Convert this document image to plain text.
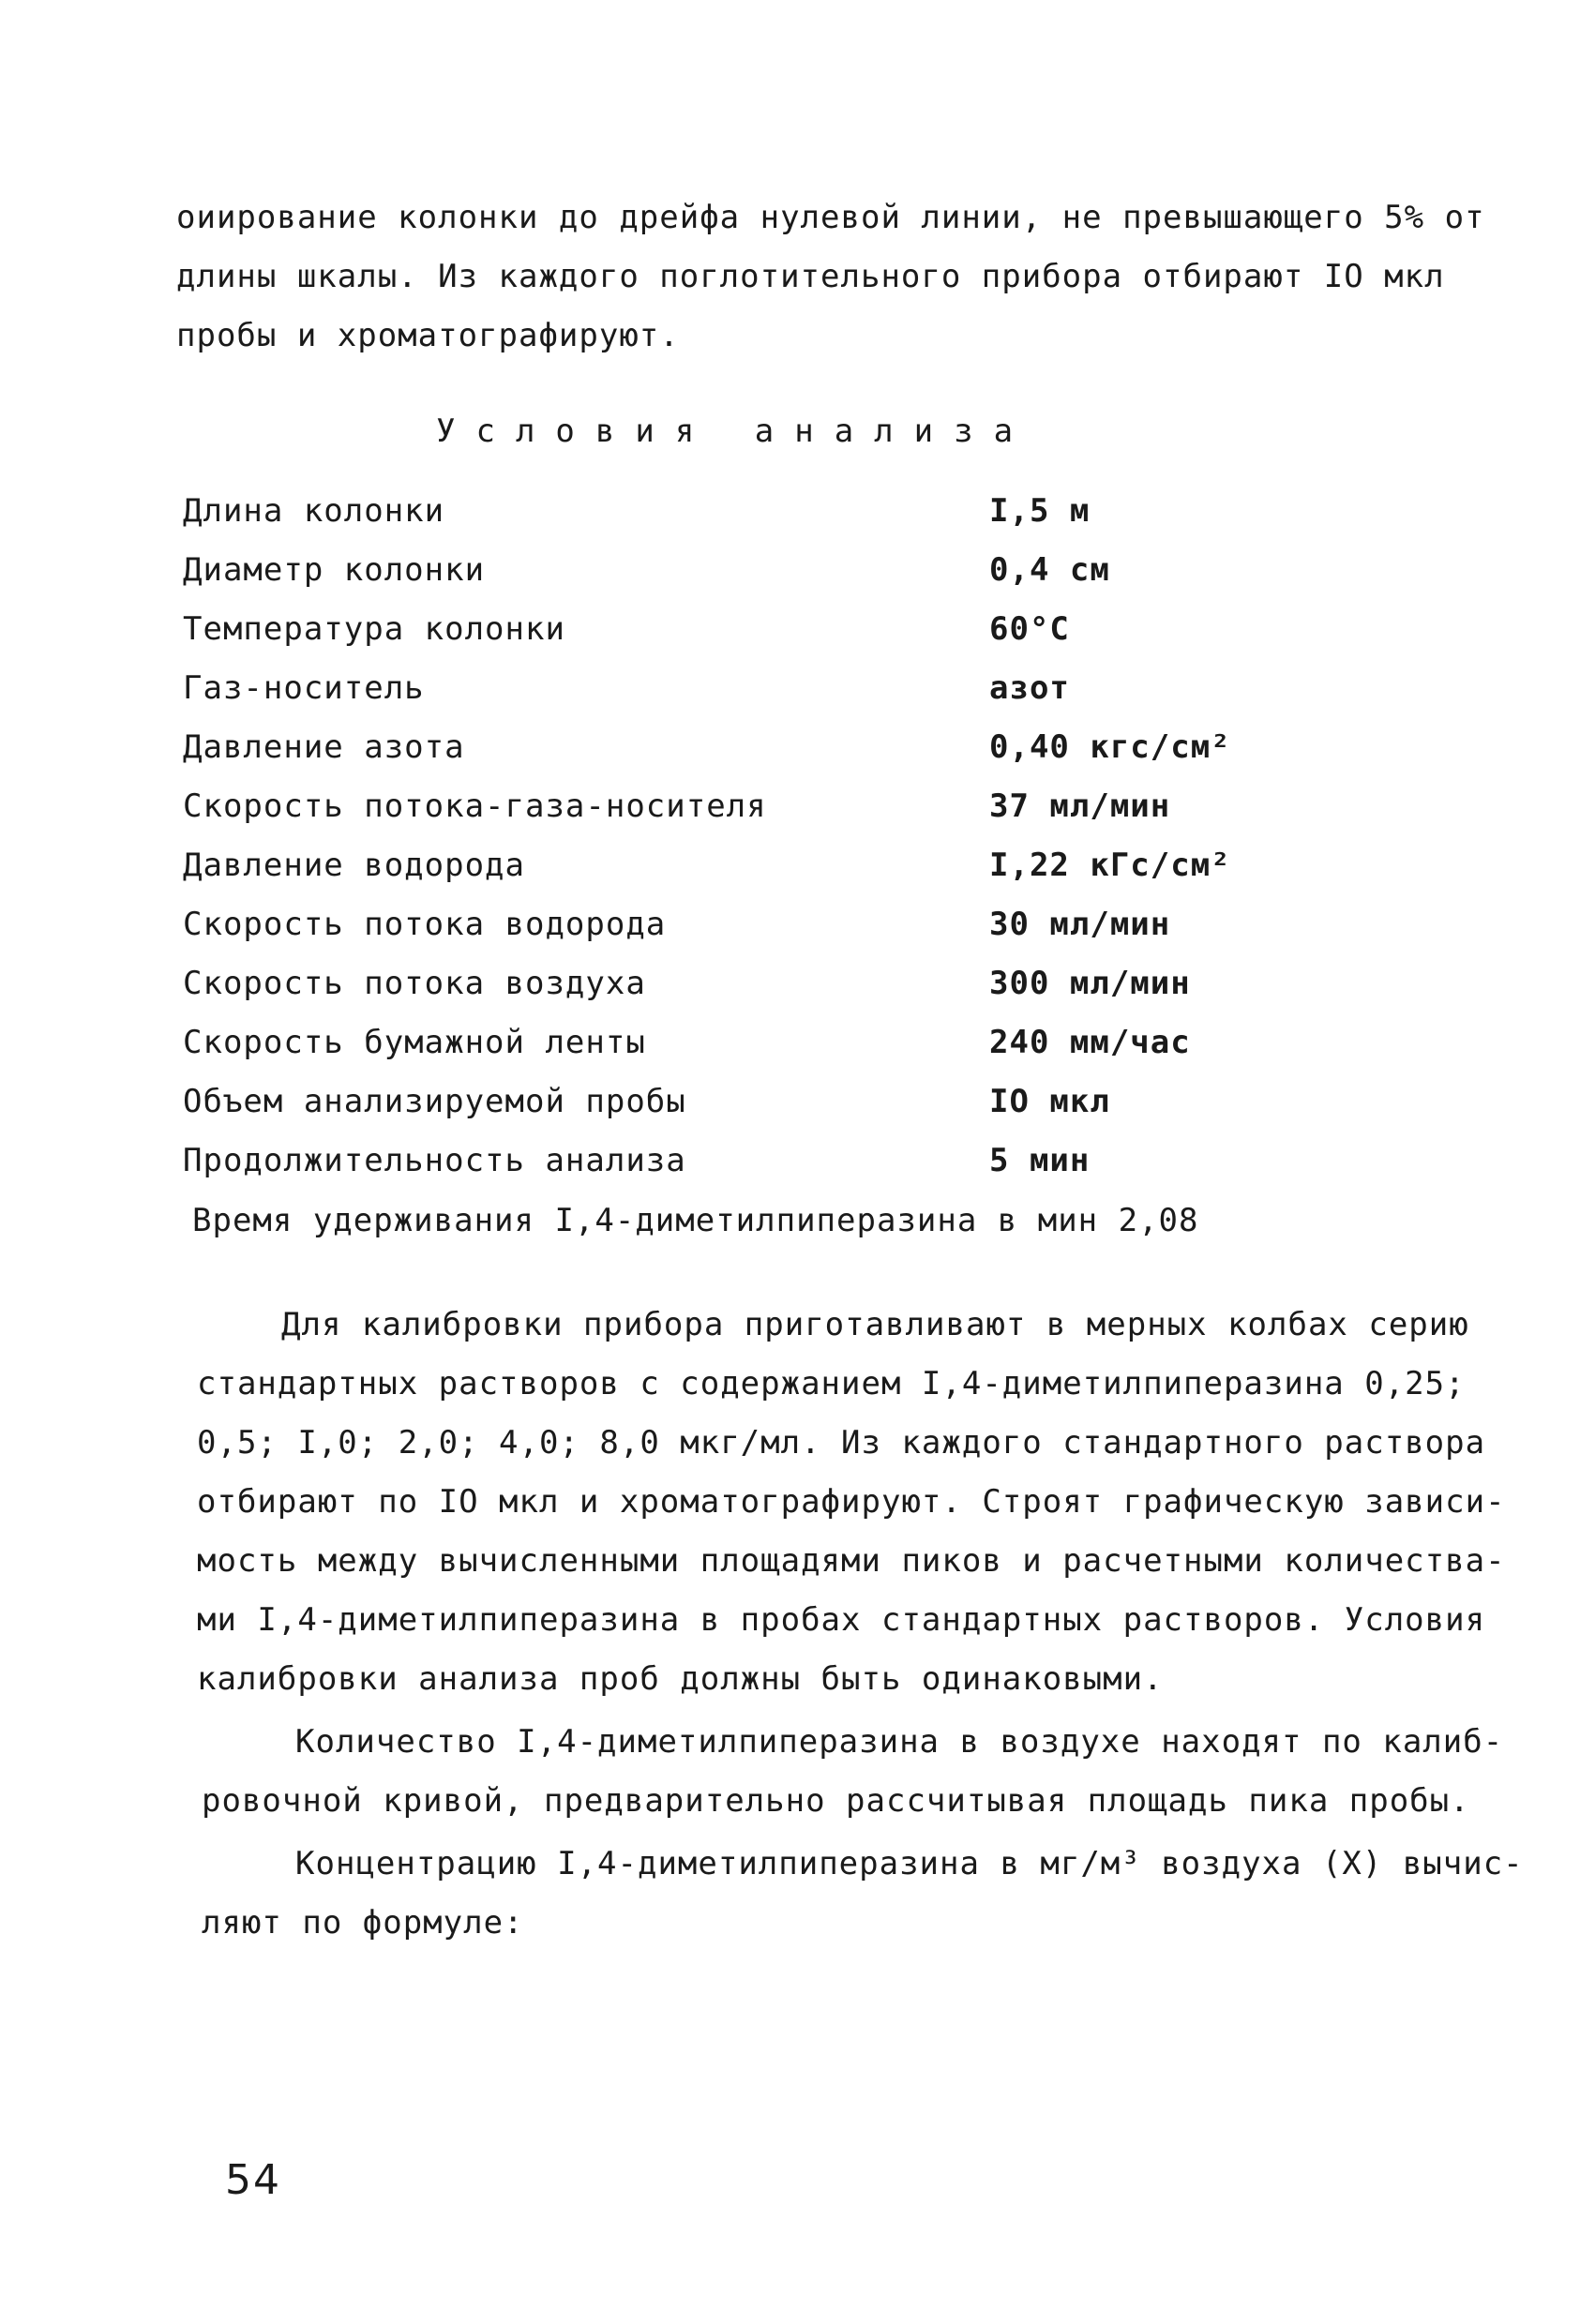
оиирование колонки до дрейфа нулевой линии, не превышающего 5% от
длины шкалы. Из каждого поглотительного прибора отбирают IO мкл
пробы и хроматографируют.
Условия анализа
Длина колонки	I,5 м
Диаметр колонки	0,4 см
Температура колонки	60°C
Газ-носитель	азот
Давление азота	0,40 кгс/см²
Скорость потока-газа-носителя	37 мл/мин
Давление водорода	I,22 кГс/см²
Скорость потока водорода	30 мл/мин
Скорость потока воздуха	300 мл/мин
Скорость бумажной ленты	240 мм/час
Объем анализируемой пробы	IO мкл
Продолжительность анализа	5 мин
Время удерживания I,4-диметилпиперазина в мин 2,08
Для калибровки прибора приготавливают в мерных колбах серию
стандартных растворов с содержанием I,4-диметилпиперазина 0,25;
0,5; I,0; 2,0; 4,0; 8,0 мкг/мл. Из каждого стандартного раствора
отбирают по IO мкл и хроматографируют. Строят графическую зависи-
мость между вычисленными площадями пиков и расчетными количества-
ми I,4-диметилпиперазина в пробах стандартных растворов. Условия
калибровки анализа проб должны быть одинаковыми.
Количество I,4-диметилпиперазина в воздухе находят по калиб-
ровочной кривой, предварительно рассчитывая площадь пика пробы.
Концентрацию I,4-диметилпиперазина в мг/м³ воздуха (X) вычис-
ляют по формуле:
54
